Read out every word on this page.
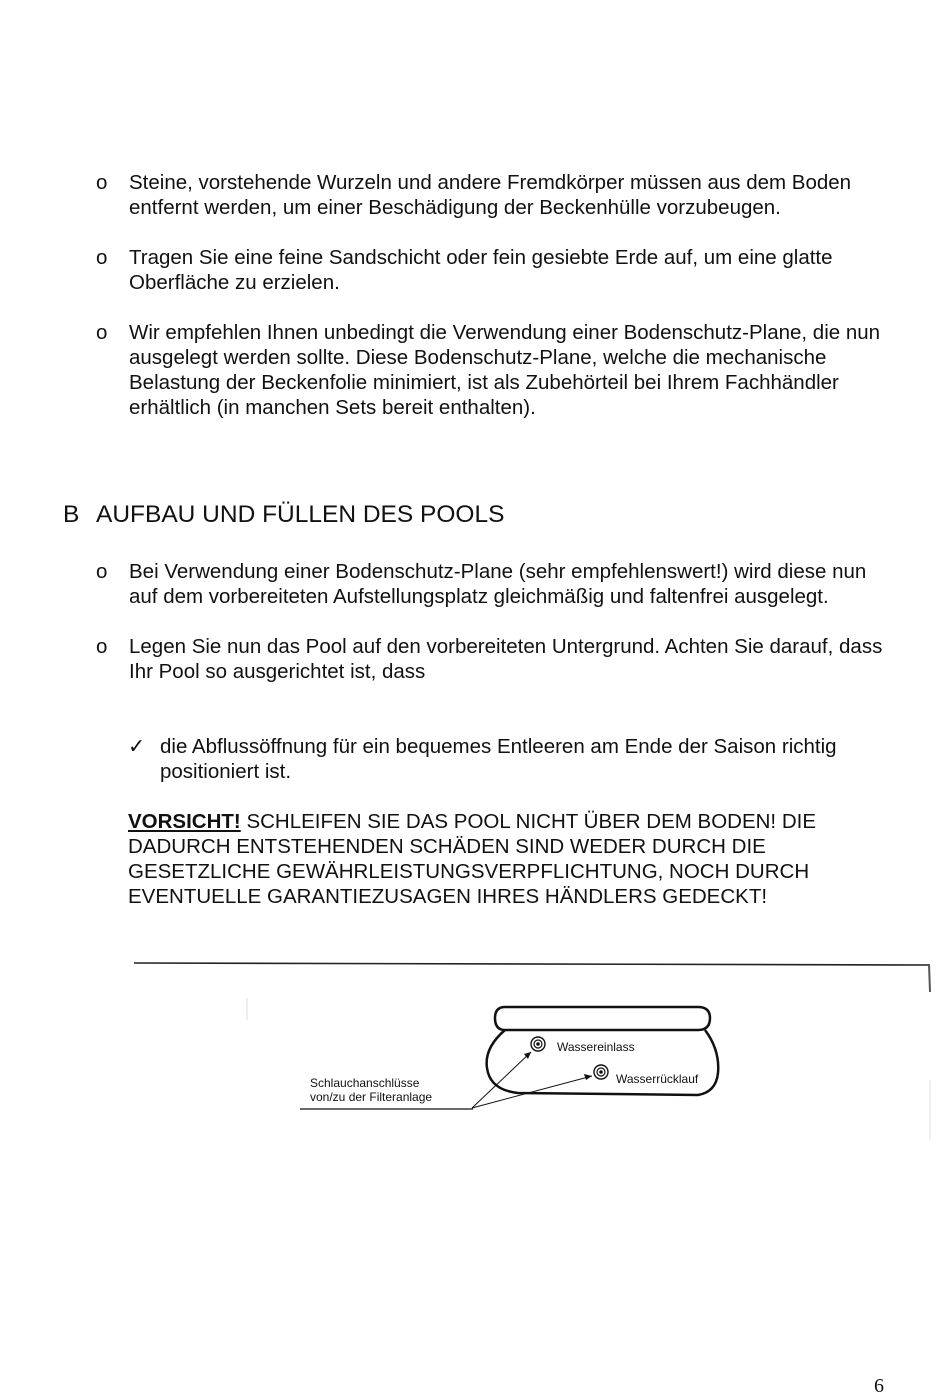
o	Steine, vorstehende Wurzeln und andere Fremdkörper müssen aus dem Boden entfernt werden, um einer Beschädigung der Beckenhülle vorzubeugen.
o	Tragen Sie eine feine Sandschicht oder fein gesiebte Erde auf, um eine glatte Oberfläche zu erzielen.
o	Wir empfehlen Ihnen unbedingt die Verwendung einer Bodenschutz-Plane, die nun ausgelegt werden sollte. Diese Bodenschutz-Plane, welche die mechanische Belastung der Beckenfolie minimiert, ist als Zubehörteil bei Ihrem Fachhändler erhältlich (in manchen Sets bereit enthalten).
B AUFBAU UND FÜLLEN DES POOLS
o	Bei Verwendung einer Bodenschutz-Plane (sehr empfehlenswert!) wird diese nun auf dem vorbereiteten Aufstellungsplatz gleichmäßig und faltenfrei ausgelegt.
o	Legen Sie nun das Pool auf den vorbereiteten Untergrund. Achten Sie darauf, dass Ihr Pool so ausgerichtet ist, dass
✓ die Abflussöffnung für ein bequemes Entleeren am Ende der Saison richtig positioniert ist.

VORSICHT! SCHLEIFEN SIE DAS POOL NICHT ÜBER DEM BODEN! DIE DADURCH ENTSTEHENDEN SCHÄDEN SIND WEDER DURCH DIE GESETZLICHE GEWÄHRLEISTUNGSVERPFLICHTUNG, NOCH DURCH EVENTUELLE GARANTIEZUSAGEN IHRES HÄNDLERS GEDECKT!

Wassereinlass
Wasserrücklauf
Schlauchanschlüsse
von/zu der Filteranlage
6
